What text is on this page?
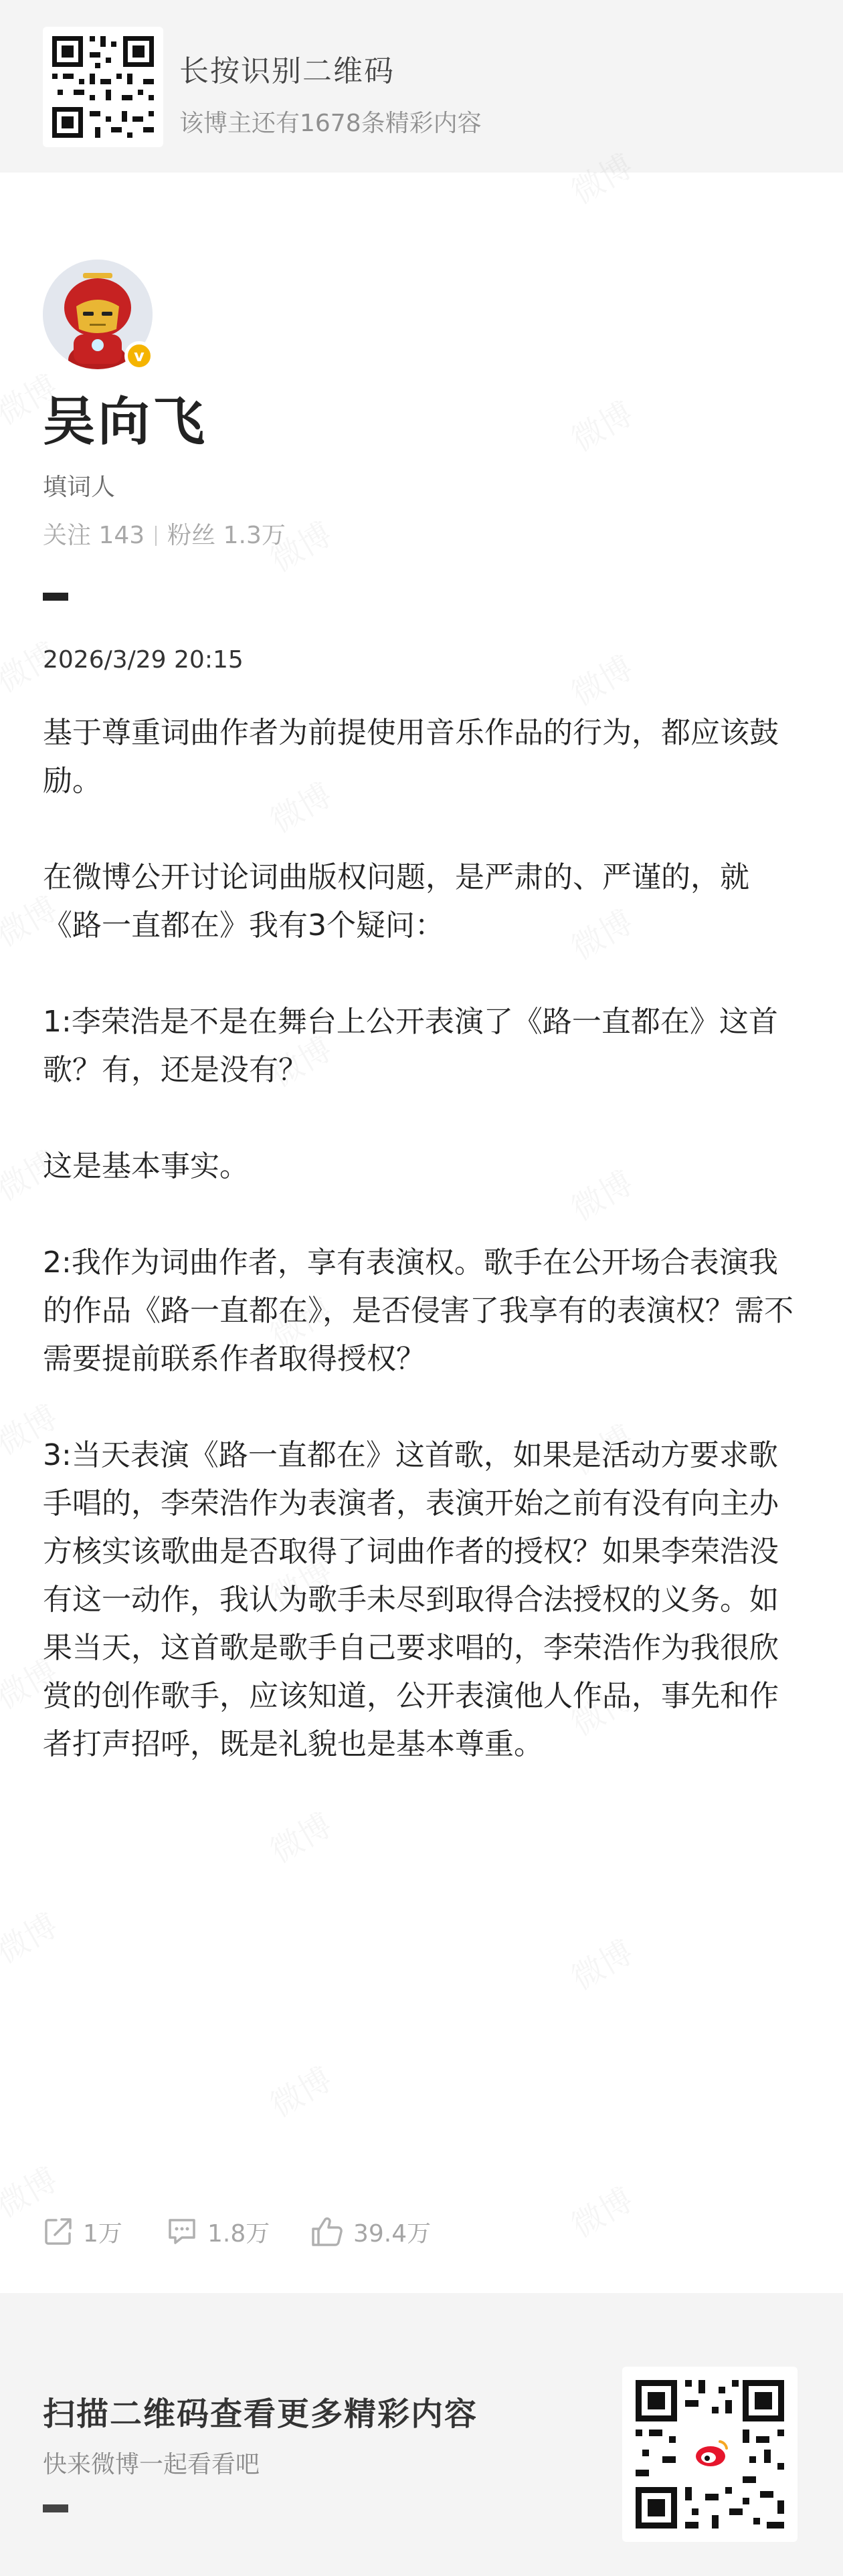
长按识别二维码
该博主还有1678条精彩内容
v
吴向飞
填词人
关注 143 粉丝 1.3万
2026/3/29 20:15

基于尊重词曲作者为前提使用音乐作品的行为，都应该鼓励。

在微博公开讨论词曲版权问题，是严肃的、严谨的，就《路一直都在》我有3个疑问：

1:李荣浩是不是在舞台上公开表演了《路一直都在》这首歌？有，还是没有？

这是基本事实。

2:我作为词曲作者，享有表演权。歌手在公开场合表演我的作品《路一直都在》，是否侵害了我享有的表演权？需不需要提前联系作者取得授权？

3:当天表演《路一直都在》这首歌，如果是活动方要求歌手唱的，李荣浩作为表演者，表演开始之前有没有向主办方核实该歌曲是否取得了词曲作者的授权？如果李荣浩没有这一动作，我认为歌手未尽到取得合法授权的义务。如果当天，这首歌是歌手自己要求唱的，李荣浩作为我很欣赏的创作歌手，应该知道，公开表演他人作品，事先和作者打声招呼，既是礼貌也是基本尊重。

1万	1.8万	39.4万
扫描二维码查看更多精彩内容
快来微博一起看看吧
